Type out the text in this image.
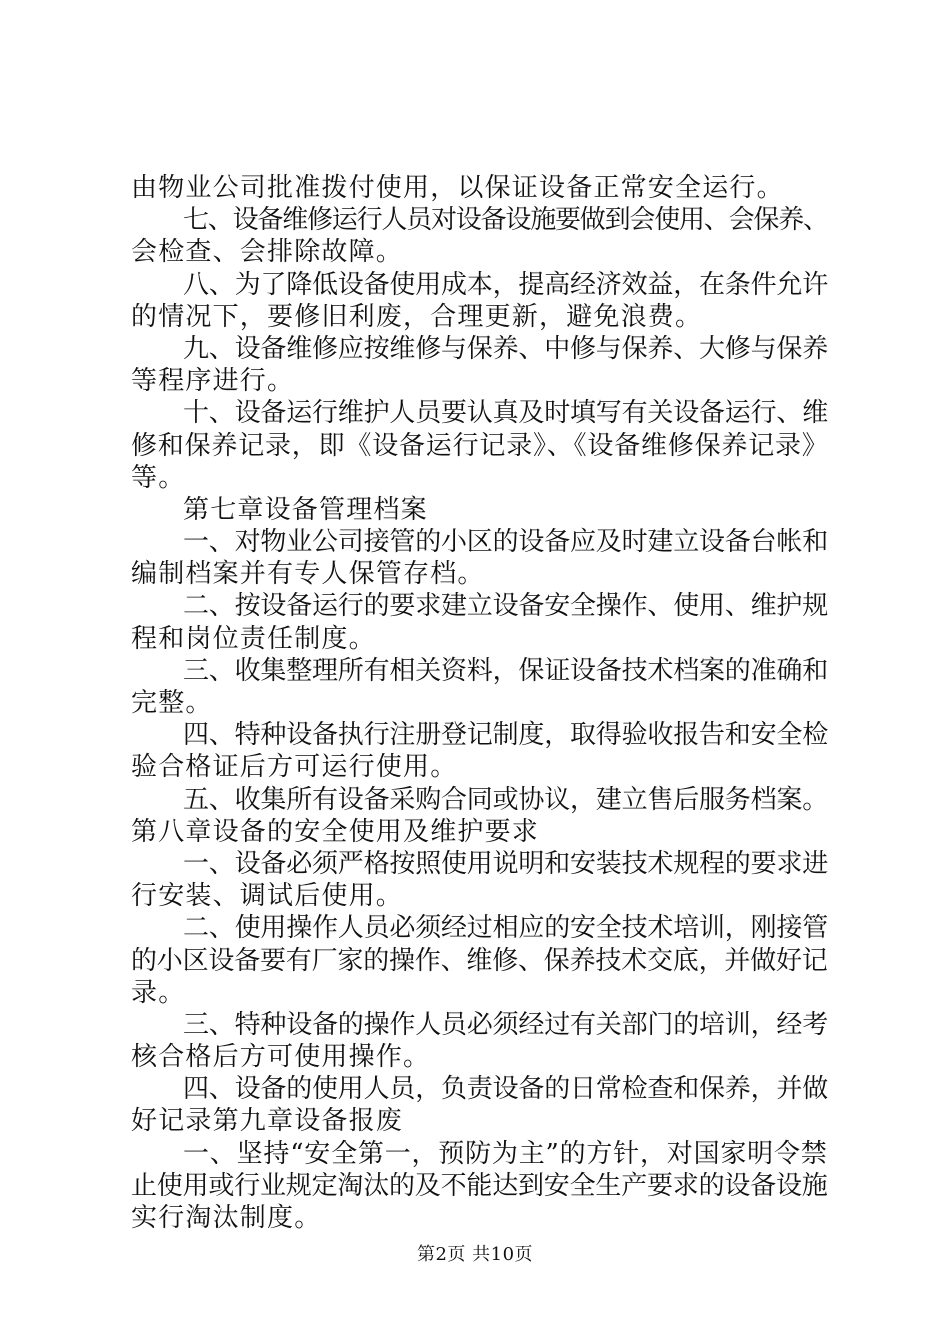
由物业公司批准拨付使用，以保证设备正常安全运行。
七、设备维修运行人员对设备设施要做到会使用、会保养、
会检查、会排除故障。
八、为了降低设备使用成本，提高经济效益，在条件允许
的情况下，要修旧利废，合理更新，避免浪费。
九、设备维修应按维修与保养、中修与保养、大修与保养
等程序进行。
十、设备运行维护人员要认真及时填写有关设备运行、维
修和保养记录，即《设备运行记录》、《设备维修保养记录》
等。
第七章设备管理档案
一、对物业公司接管的小区的设备应及时建立设备台帐和
编制档案并有专人保管存档。
二、按设备运行的要求建立设备安全操作、使用、维护规
程和岗位责任制度。
三、收集整理所有相关资料，保证设备技术档案的准确和
完整。
四、特种设备执行注册登记制度，取得验收报告和安全检
验合格证后方可运行使用。
五、收集所有设备采购合同或协议，建立售后服务档案。
第八章设备的安全使用及维护要求
一、设备必须严格按照使用说明和安装技术规程的要求进
行安装、调试后使用。
二、使用操作人员必须经过相应的安全技术培训，刚接管
的小区设备要有厂家的操作、维修、保养技术交底，并做好记
录。
三、特种设备的操作人员必须经过有关部门的培训，经考
核合格后方可使用操作。
四、设备的使用人员，负责设备的日常检查和保养，并做
好记录第九章设备报废
一、坚持“安全第一，预防为主”的方针，对国家明令禁
止使用或行业规定淘汰的及不能达到安全生产要求的设备设施
实行淘汰制度。
第2页 共10页
